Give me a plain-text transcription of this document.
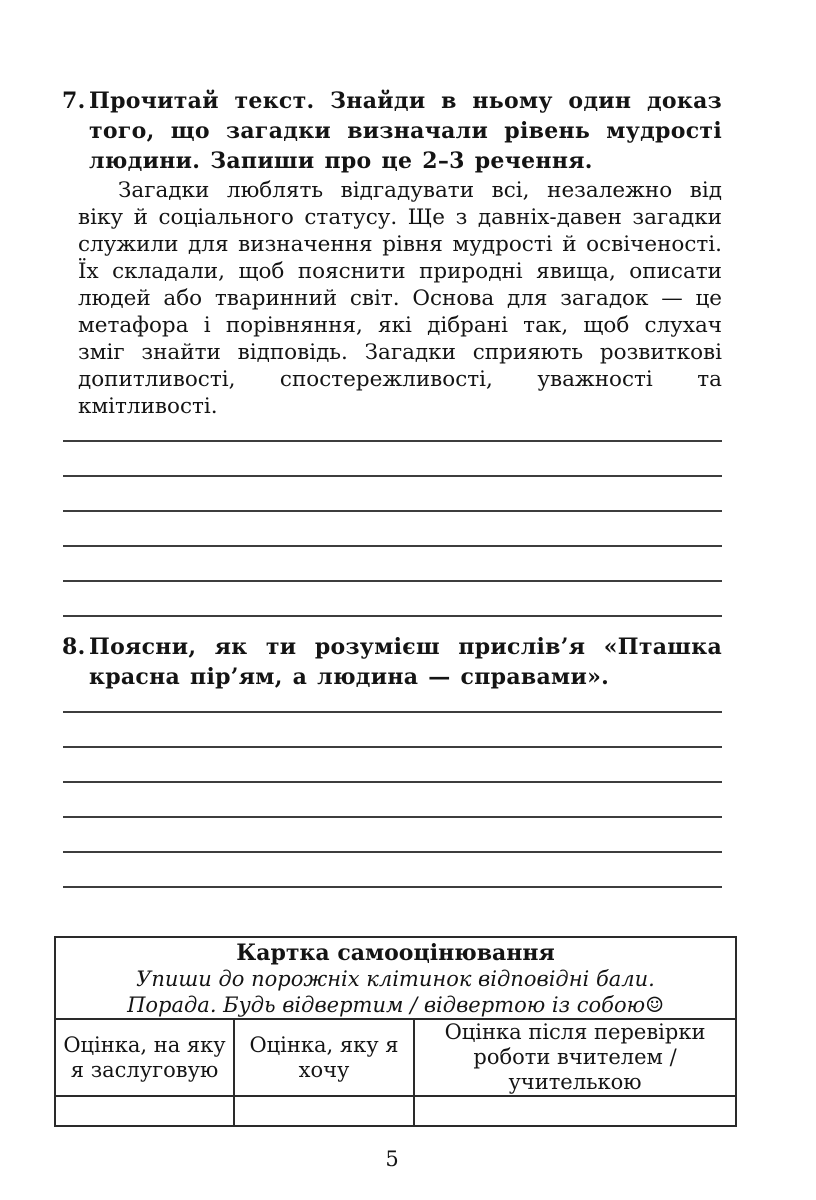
7. Прочитай текст. Знайди в ньому один доказ того, що загадки визначали рівень мудрості людини. Запиши про це 2–3 речення.

Загадки люблять відгадувати всі, незалежно від віку й соціального статусу. Ще з давніх-давен загадки служили для визначення рівня мудрості й освіченості. Їх складали, щоб пояснити природні явища, описати людей або тваринний світ. Основа для загадок — це метафора і порівняння, які дібрані так, щоб слухач зміг знайти відповідь. Загадки сприяють розвиткові допитливості, спостережливості, уважності та кмітливості.

8. Поясни, як ти розумієш прислів’я «Пташка красна пір’ям, а людина — справами».
Картка самооцінювання
Упиши до порожніх клітинок відповідні бали.
Порада. Будь відвертим / відвертою із собою☺		

Оцінка, на яку я заслуговую	Оцінка, яку я хочу	Оцінка після перевірки роботи вчителем / учителькою

5
